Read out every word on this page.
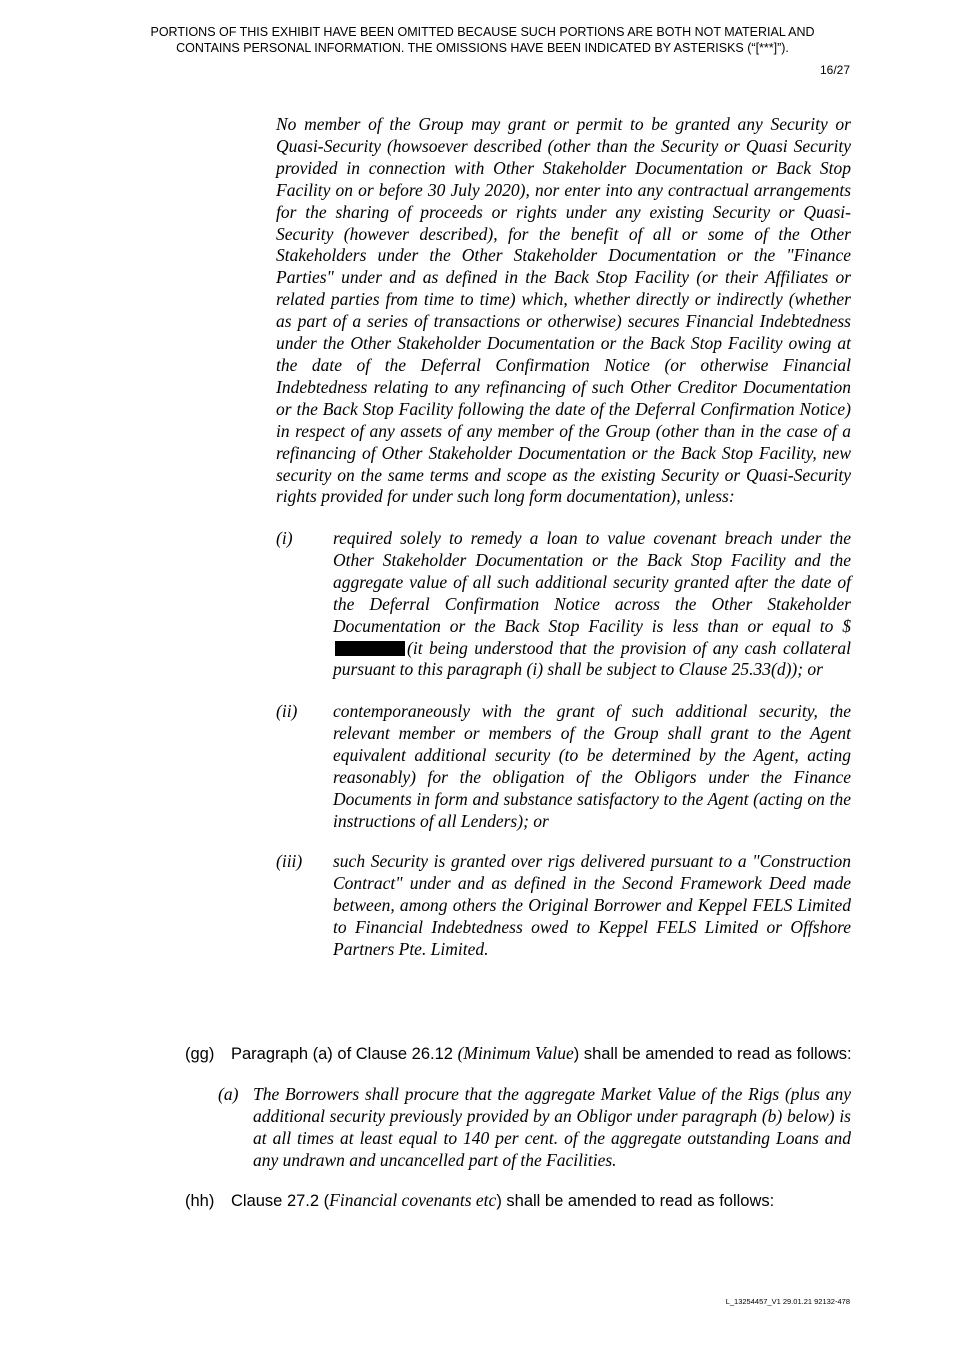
PORTIONS OF THIS EXHIBIT HAVE BEEN OMITTED BECAUSE SUCH PORTIONS ARE BOTH NOT MATERIAL AND
CONTAINS PERSONAL INFORMATION. THE OMISSIONS HAVE BEEN INDICATED BY ASTERISKS (“[***]”).
16/27
No member of the Group may grant or permit to be granted any Security or Quasi-Security (howsoever described (other than the Security or Quasi Security provided in connection with Other Stakeholder Documentation or Back Stop Facility on or before 30 July 2020), nor enter into any contractual arrangements for the sharing of proceeds or rights under any existing Security or Quasi-Security (however described), for the benefit of all or some of the Other Stakeholders under the Other Stakeholder Documentation or the "Finance Parties" under and as defined in the Back Stop Facility (or their Affiliates or related parties from time to time) which, whether directly or indirectly (whether as part of a series of transactions or otherwise) secures Financial Indebtedness under the Other Stakeholder Documentation or the Back Stop Facility owing at the date of the Deferral Confirmation Notice (or otherwise Financial Indebtedness relating to any refinancing of such Other Creditor Documentation or the Back Stop Facility following the date of the Deferral Confirmation Notice) in respect of any assets of any member of the Group (other than in the case of a refinancing of Other Stakeholder Documentation or the Back Stop Facility, new security on the same terms and scope as the existing Security or Quasi-Security rights provided for under such long form documentation), unless:
(i) required solely to remedy a loan to value covenant breach under the Other Stakeholder Documentation or the Back Stop Facility and the aggregate value of all such additional security granted after the date of the Deferral Confirmation Notice across the Other Stakeholder Documentation or the Back Stop Facility is less than or equal to $(it being understood that the provision of any cash collateral pursuant to this paragraph (i) shall be subject to Clause 25.33(d)); or
(ii) contemporaneously with the grant of such additional security, the relevant member or members of the Group shall grant to the Agent equivalent additional security (to be determined by the Agent, acting reasonably) for the obligation of the Obligors under the Finance Documents in form and substance satisfactory to the Agent (acting on the instructions of all Lenders); or
(iii) such Security is granted over rigs delivered pursuant to a "Construction Contract" under and as defined in the Second Framework Deed made between, among others the Original Borrower and Keppel FELS Limited to Financial Indebtedness owed to Keppel FELS Limited or Offshore Partners Pte. Limited.
(gg) Paragraph (a) of Clause 26.12 (Minimum Value) shall be amended to read as follows:
(a) The Borrowers shall procure that the aggregate Market Value of the Rigs (plus any additional security previously provided by an Obligor under paragraph (b) below) is at all times at least equal to 140 per cent. of the aggregate outstanding Loans and any undrawn and uncancelled part of the Facilities.
(hh) Clause 27.2 (Financial covenants etc) shall be amended to read as follows:
L_13254457_V1 29.01.21 92132-478
